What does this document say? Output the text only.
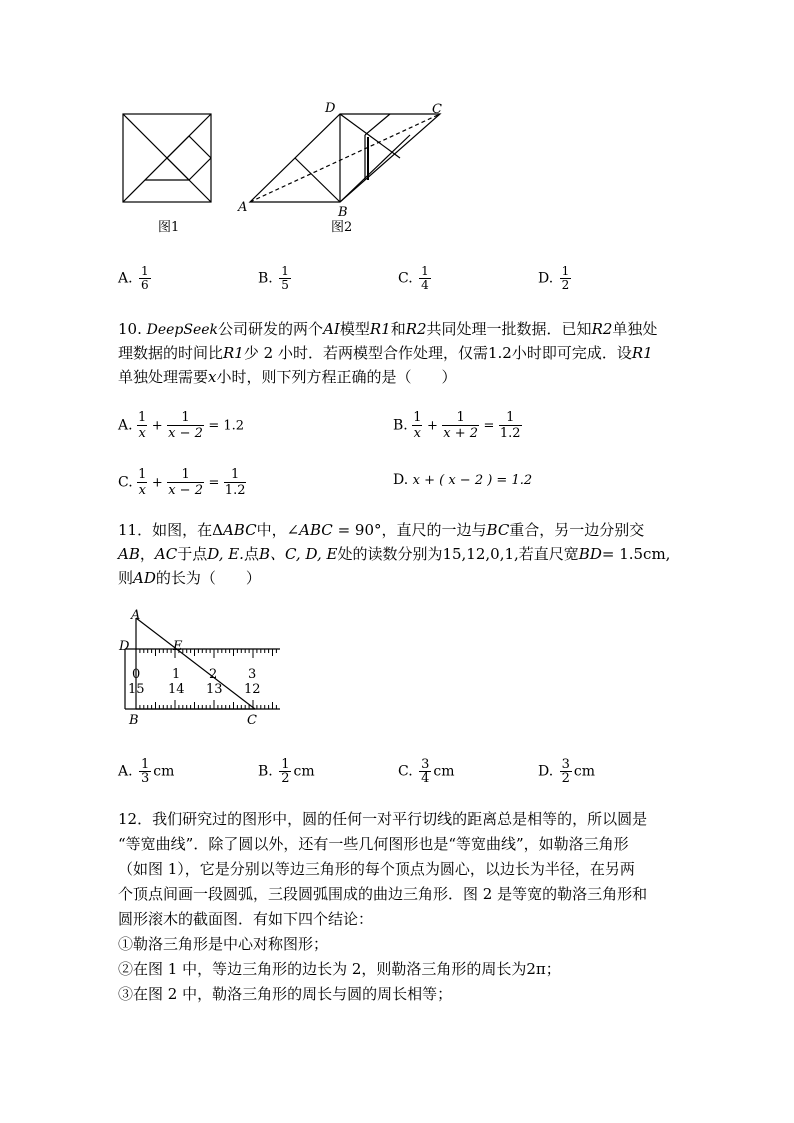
图1
D	C
A	B
图2
A. $\frac{1}{6}$	B. $\frac{1}{5}$	C. $\frac{1}{4}$	D. $\frac{1}{2}$
10. DeepSeek公司研发的两个AI模型R1和R2共同处理一批数据．已知R2单独处
理数据的时间比R1少 2 小时．若两模型合作处理，仅需1.2小时即可完成．设R1
单独处理需要x小时，则下列方程正确的是（　　）
A. $\frac{1}{x} + \frac{1}{x - 2} = 1.2$	B. $\frac{1}{x} + \frac{1}{x + 2} = \frac{1}{1.2}$
C. $\frac{1}{x} + \frac{1}{x - 2} = \frac{1}{1.2}$	D. x + ( x − 2 ) = 1.2
11．如图，在ΔABC中，∠ABC = 90°，直尺的一边与BC重合，另一边分别交
AB，AC于点D, E.点B、C, D, E处的读数分别为15,12,0,1,若直尺宽BD= 1.5cm,
则AD的长为（　　）
A
D	E
B	C
0 1 2 3
15 14 13 12
A. $\frac{1}{3}$ cm	B. $\frac{1}{2}$ cm	C. $\frac{3}{4}$ cm	D. $\frac{3}{2}$ cm
12．我们研究过的图形中，圆的任何一对平行切线的距离总是相等的，所以圆是
“等宽曲线”．除了圆以外，还有一些几何图形也是“等宽曲线”，如勒洛三角形
（如图 1），它是分别以等边三角形的每个顶点为圆心，以边长为半径，在另两
个顶点间画一段圆弧，三段圆弧围成的曲边三角形．图 2 是等宽的勒洛三角形和
圆形滚木的截面图．有如下四个结论：
①勒洛三角形是中心对称图形；
②在图 1 中，等边三角形的边长为 2，则勒洛三角形的周长为2π；
③在图 2 中，勒洛三角形的周长与圆的周长相等；
